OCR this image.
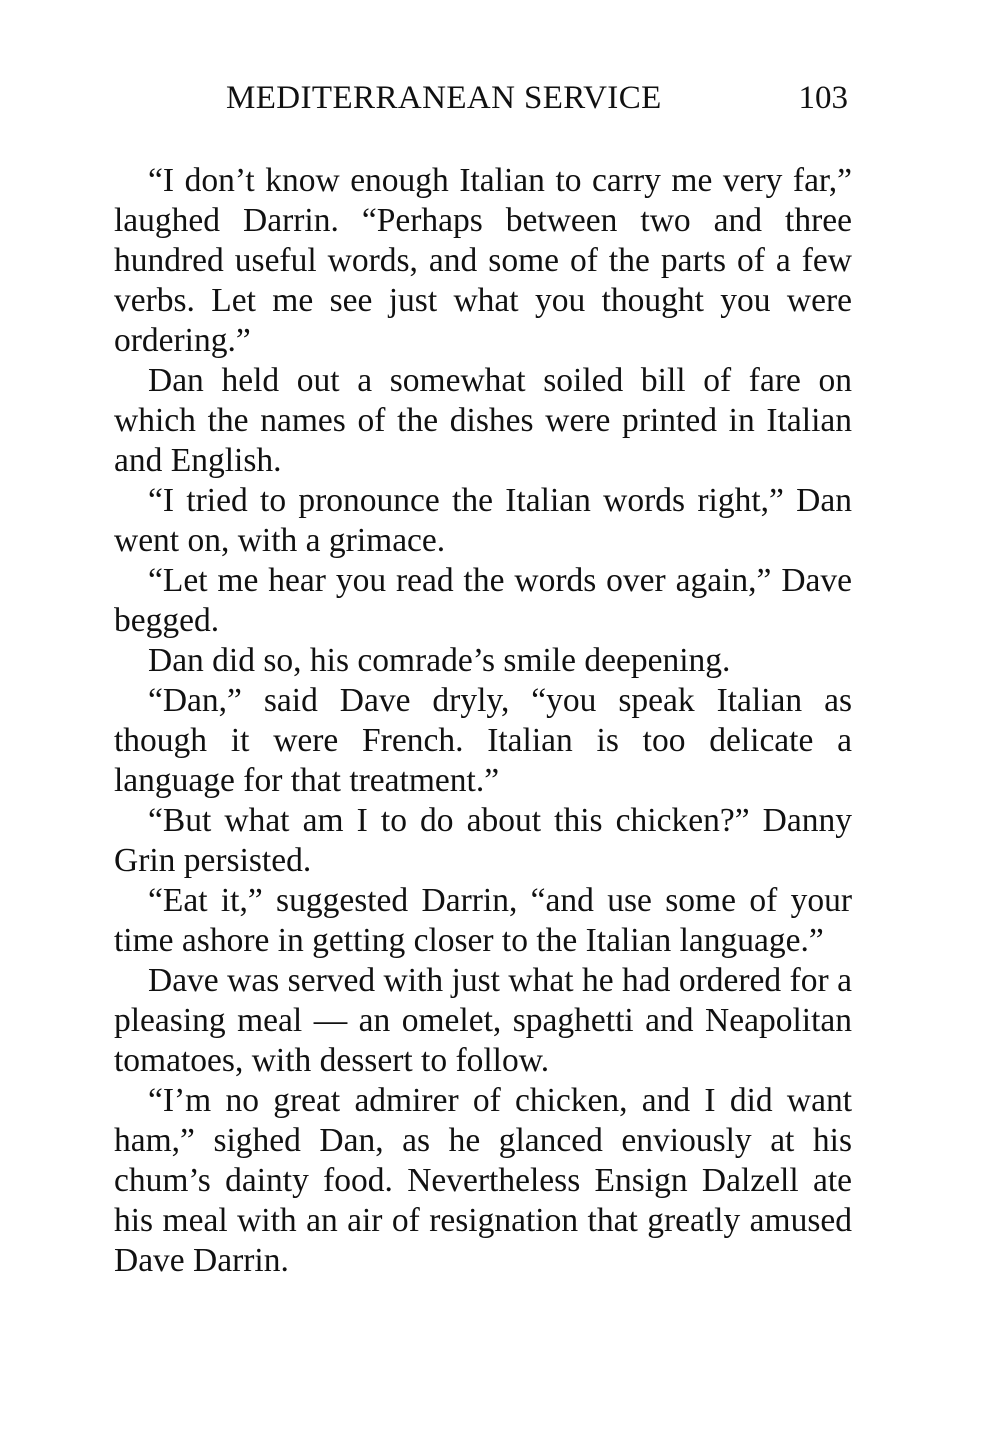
MEDITERRANEAN SERVICE	103

“I don’t know enough Italian to carry me very far,” laughed Darrin. “Perhaps between two and three hundred useful words, and some of the parts of a few verbs. Let me see just what you thought you were ordering.”

Dan held out a somewhat soiled bill of fare on which the names of the dishes were printed in Italian and English.

“I tried to pronounce the Italian words right,” Dan went on, with a grimace.

“Let me hear you read the words over again,” Dave begged.

Dan did so, his comrade’s smile deepening.

“Dan,” said Dave dryly, “you speak Italian as though it were French. Italian is too delicate a language for that treatment.”

“But what am I to do about this chicken?” Danny Grin persisted.

“Eat it,” suggested Darrin, “and use some of your time ashore in getting closer to the Italian language.”

Dave was served with just what he had ordered for a pleasing meal — an omelet, spaghetti and Neapolitan tomatoes, with dessert to follow.

“I’m no great admirer of chicken, and I did want ham,” sighed Dan, as he glanced enviously at his chum’s dainty food. Nevertheless Ensign Dalzell ate his meal with an air of resignation that greatly amused Dave Darrin.
